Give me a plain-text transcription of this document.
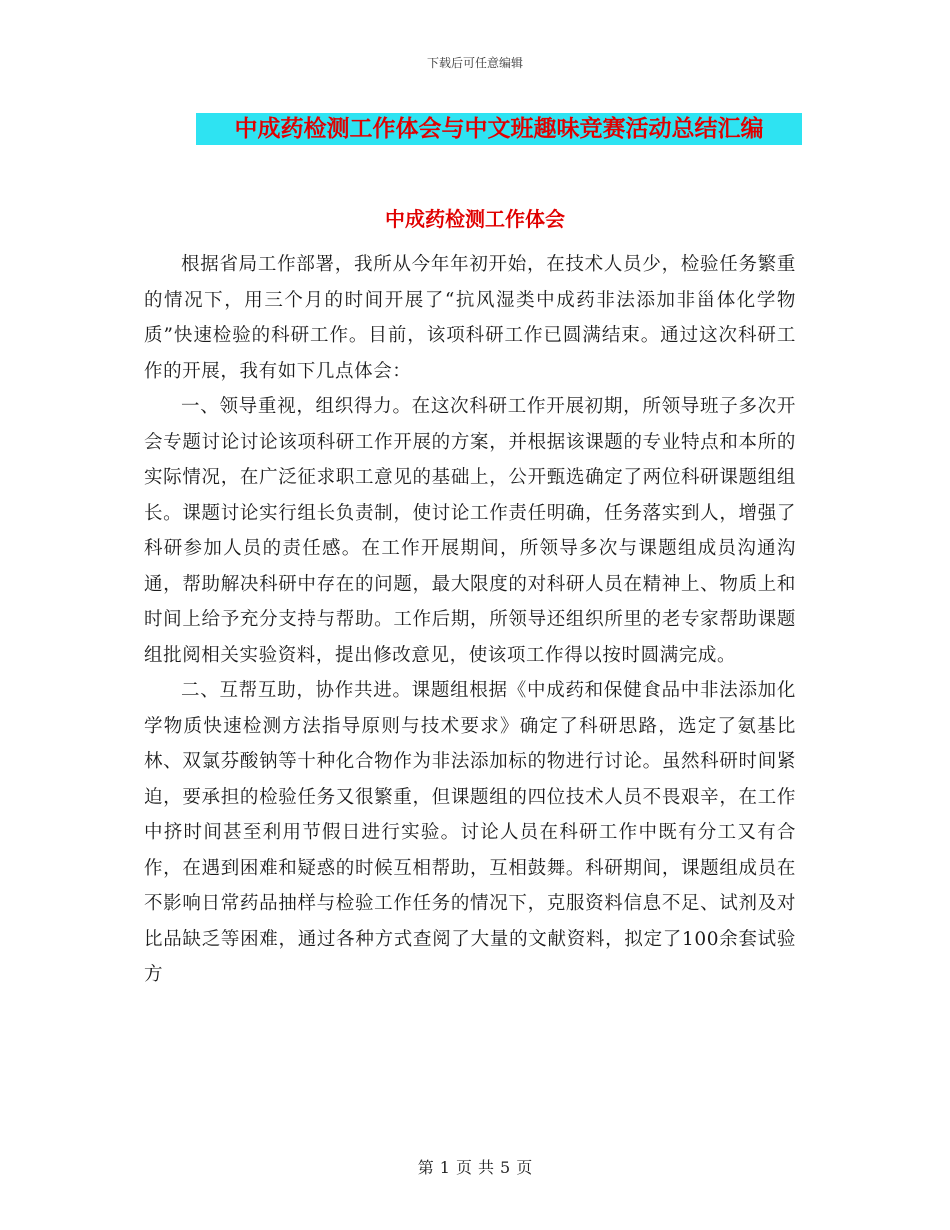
下载后可任意编辑
中成药检测工作体会与中文班趣味竞赛活动总结汇编
中成药检测工作体会

根据省局工作部署，我所从今年年初开始，在技术人员少，检验任务繁重的情况下，用三个月的时间开展了“抗风湿类中成药非法添加非甾体化学物质”快速检验的科研工作。目前，该项科研工作已圆满结束。通过这次科研工作的开展，我有如下几点体会：

一、领导重视，组织得力。在这次科研工作开展初期，所领导班子多次开会专题讨论讨论该项科研工作开展的方案，并根据该课题的专业特点和本所的实际情况，在广泛征求职工意见的基础上，公开甄选确定了两位科研课题组组长。课题讨论实行组长负责制，使讨论工作责任明确，任务落实到人，增强了科研参加人员的责任感。在工作开展期间，所领导多次与课题组成员沟通沟通，帮助解决科研中存在的问题，最大限度的对科研人员在精神上、物质上和时间上给予充分支持与帮助。工作后期，所领导还组织所里的老专家帮助课题组批阅相关实验资料，提出修改意见，使该项工作得以按时圆满完成。

二、互帮互助，协作共进。课题组根据《中成药和保健食品中非法添加化学物质快速检测方法指导原则与技术要求》确定了科研思路，选定了氨基比林、双氯芬酸钠等十种化合物作为非法添加标的物进行讨论。虽然科研时间紧迫，要承担的检验任务又很繁重，但课题组的四位技术人员不畏艰辛，在工作中挤时间甚至利用节假日进行实验。讨论人员在科研工作中既有分工又有合作，在遇到困难和疑惑的时候互相帮助，互相鼓舞。科研期间，课题组成员在不影响日常药品抽样与检验工作任务的情况下，克服资料信息不足、试剂及对比品缺乏等困难，通过各种方式查阅了大量的文献资料，拟定了100余套试验方

第 1 页 共 5 页
